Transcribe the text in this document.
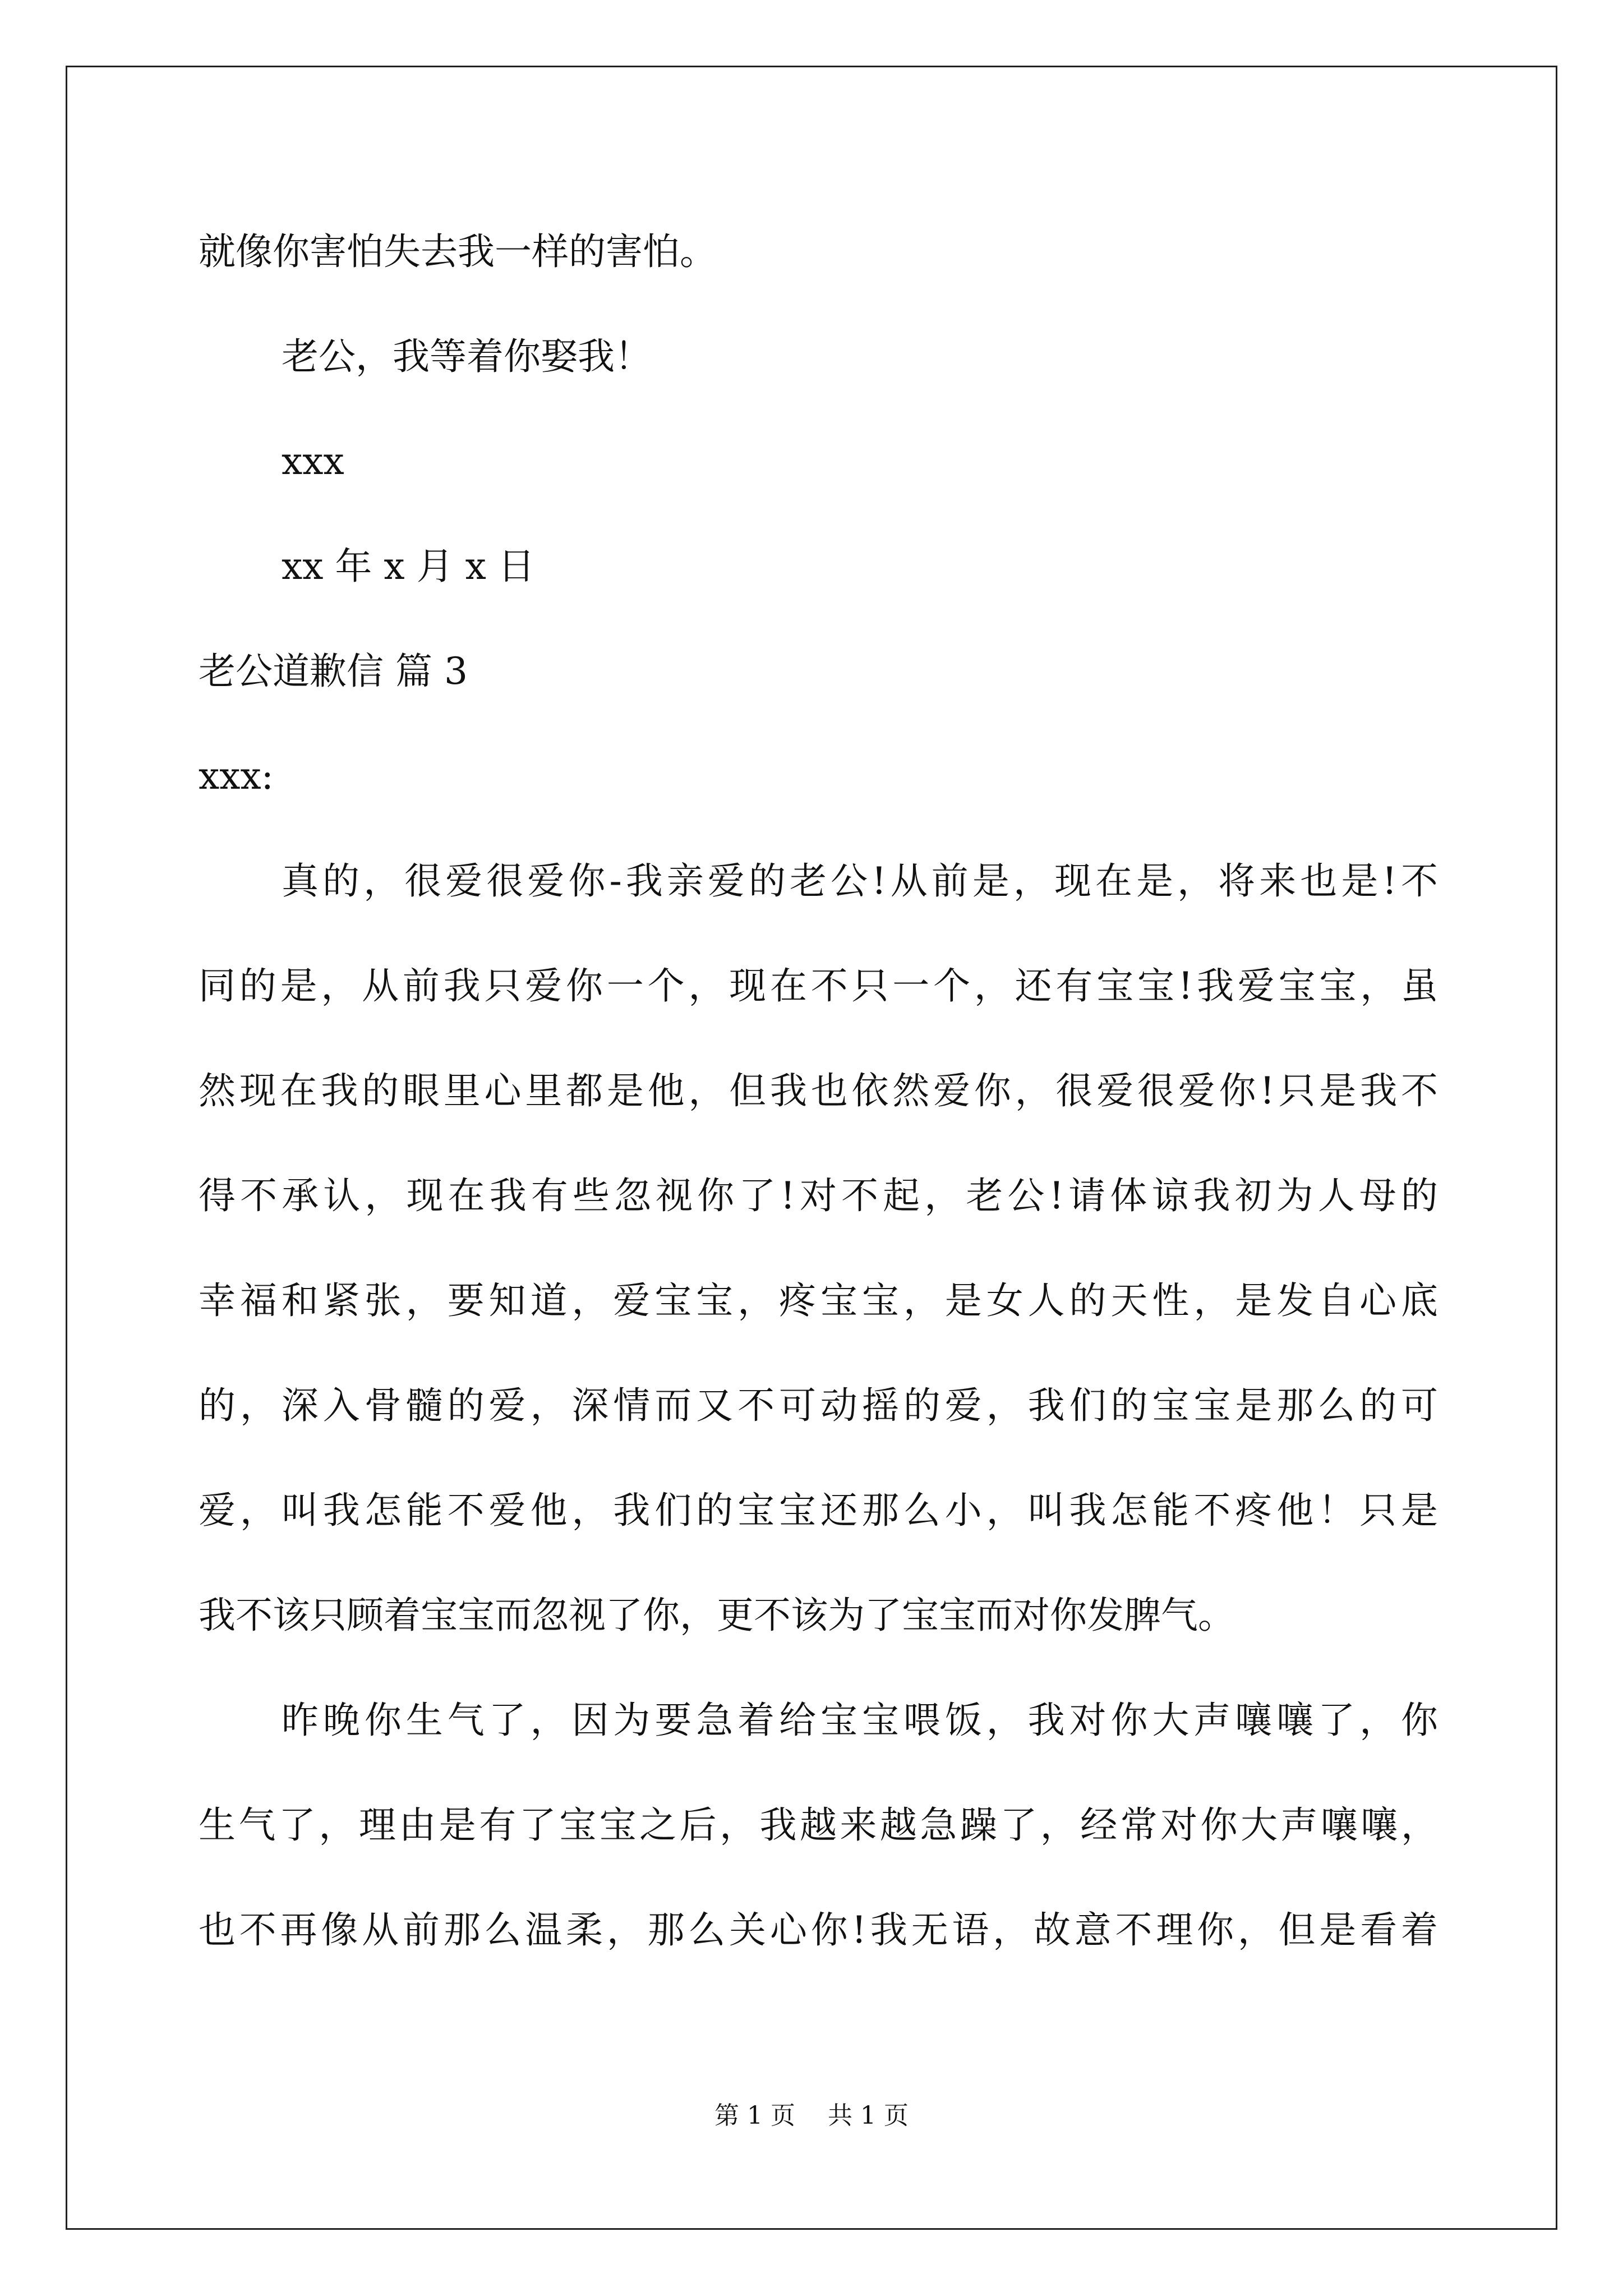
就像你害怕失去我一样的害怕。
老公，我等着你娶我！
xxx
xx 年 x 月 x 日
老公道歉信 篇 3
xxx:
真的，很爱很爱你-我亲爱的老公!从前是，现在是，将来也是!不
同的是，从前我只爱你一个，现在不只一个，还有宝宝!我爱宝宝，虽
然现在我的眼里心里都是他，但我也依然爱你，很爱很爱你!只是我不
得不承认，现在我有些忽视你了!对不起，老公!请体谅我初为人母的
幸福和紧张，要知道，爱宝宝，疼宝宝，是女人的天性，是发自心底
的，深入骨髓的爱，深情而又不可动摇的爱，我们的宝宝是那么的可
爱，叫我怎能不爱他，我们的宝宝还那么小，叫我怎能不疼他！只是
我不该只顾着宝宝而忽视了你，更不该为了宝宝而对你发脾气。
昨晚你生气了，因为要急着给宝宝喂饭，我对你大声嚷嚷了，你
生气了，理由是有了宝宝之后，我越来越急躁了，经常对你大声嚷嚷，
也不再像从前那么温柔，那么关心你!我无语，故意不理你，但是看着
第 1 页 共 1 页
